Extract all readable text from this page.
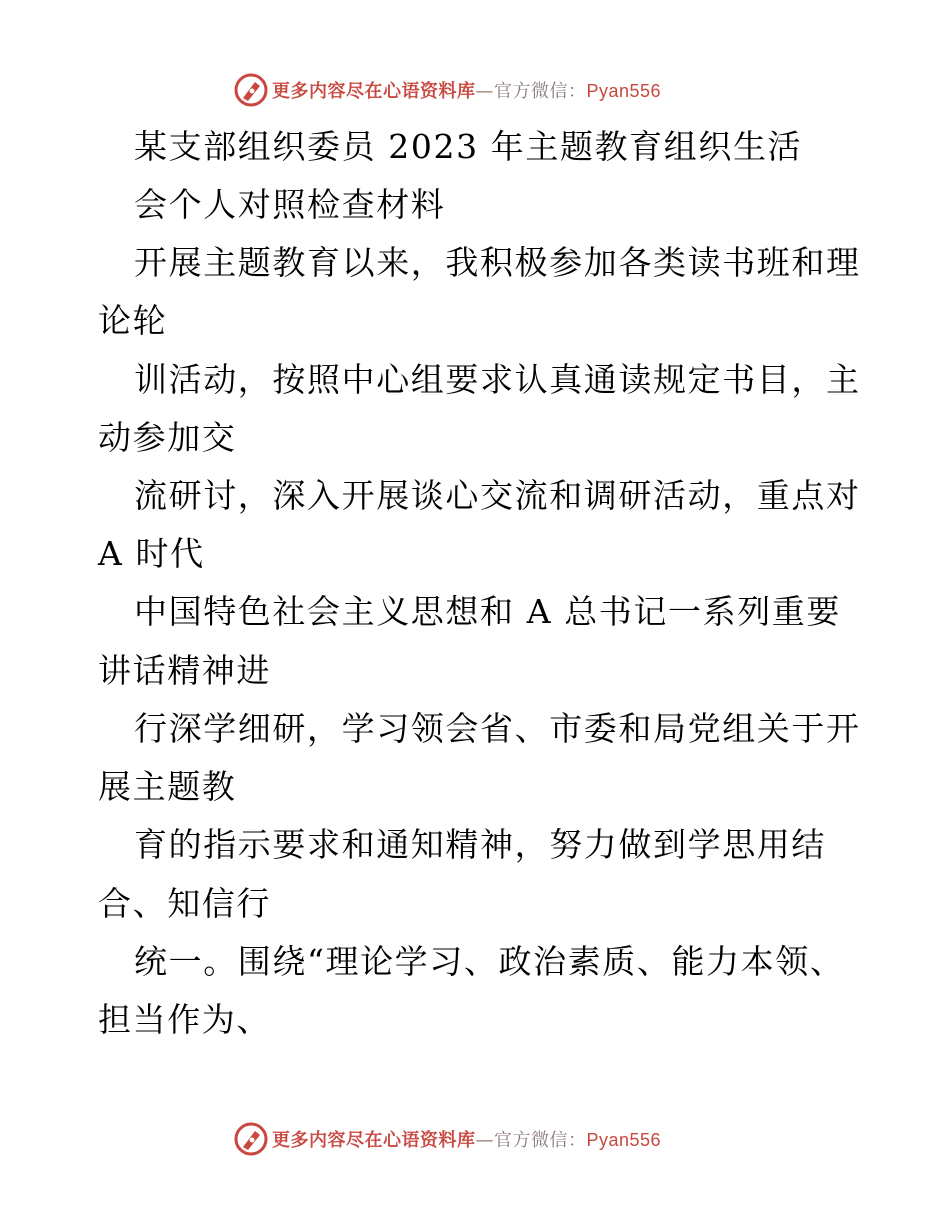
更多内容尽在心语资料库—官方微信：Pyan556
某支部组织委员 2023 年主题教育组织生活
会个人对照检查材料
开展主题教育以来，我积极参加各类读书班和理
论轮
训活动，按照中心组要求认真通读规定书目，主
动参加交
流研讨，深入开展谈心交流和调研活动，重点对
A 时代
中国特色社会主义思想和 A 总书记一系列重要
讲话精神进
行深学细研，学习领会省、市委和局党组关于开
展主题教
育的指示要求和通知精神，努力做到学思用结
合、知信行
统一。围绕“理论学习、政治素质、能力本领、
担当作为、
更多内容尽在心语资料库—官方微信：Pyan556
